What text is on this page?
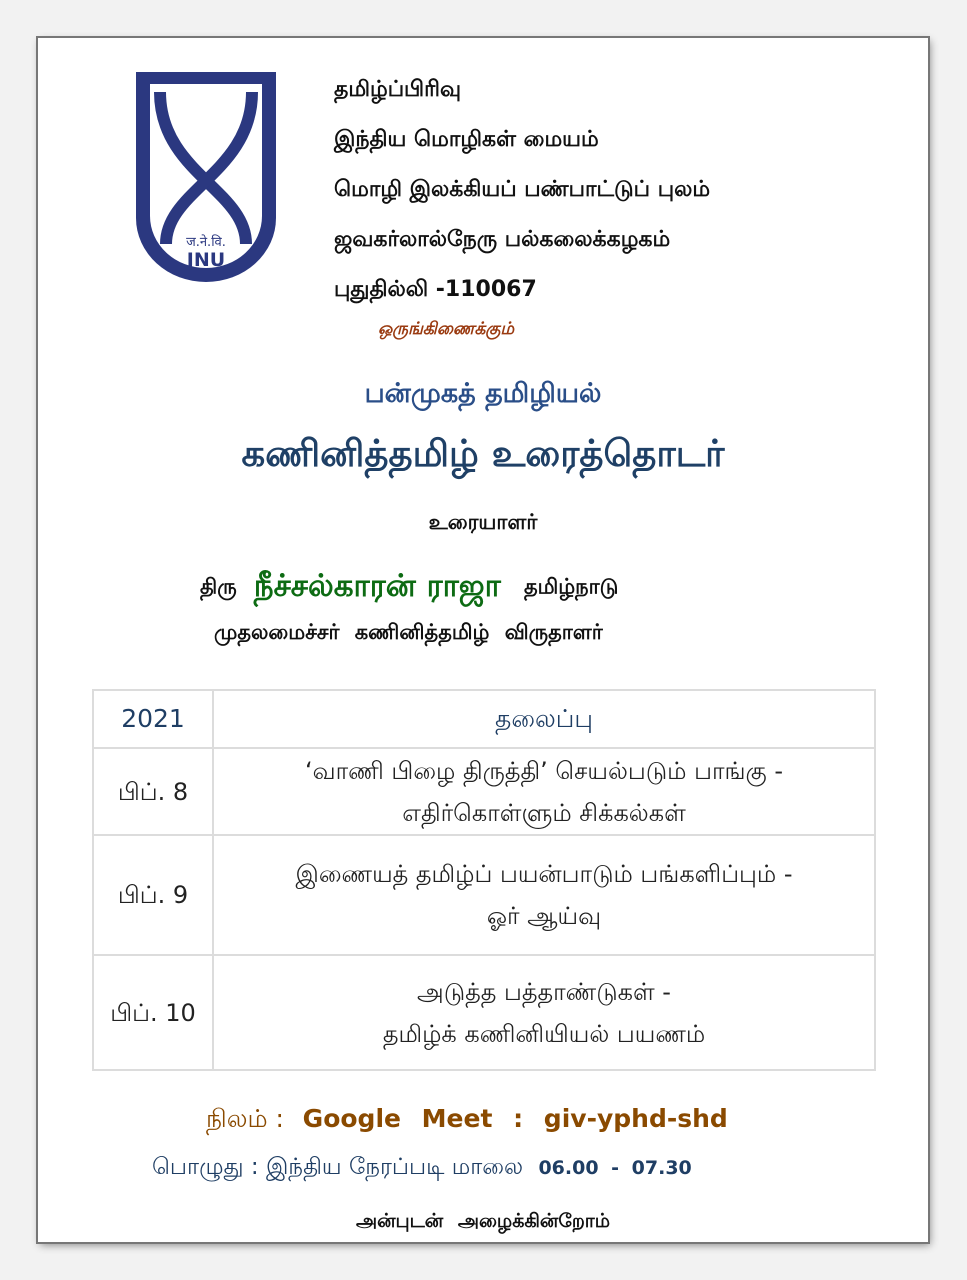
ज.ने.वि.
JNU
தமிழ்ப்பிரிவு
இந்திய மொழிகள் மையம்
மொழி இலக்கியப் பண்பாட்டுப் புலம்
ஜவகர்லால்நேரு பல்கலைக்கழகம்
புதுதில்லி -110067
ஒருங்கிணைக்கும்
பன்முகத் தமிழியல்
கணினித்தமிழ் உரைத்தொடர்
உரையாளர்
திரு நீச்சல்காரன் ராஜா தமிழ்நாடு
முதலமைச்சர் கணினித்தமிழ் விருதாளர்
2021	தலைப்பு
பிப். 8	‘வாணி பிழை திருத்தி’ செயல்படும் பாங்கு -
எதிர்கொள்ளும் சிக்கல்கள்

பிப். 9	இணையத் தமிழ்ப் பயன்பாடும் பங்களிப்பும் -
ஓர் ஆய்வு

பிப். 10	அடுத்த பத்தாண்டுகள் -
தமிழ்க் கணினியியல் பயணம்
நிலம் : Google Meet : giv-yphd-shd
பொழுது : இந்திய நேரப்படி மாலை 06.00 - 07.30
அன்புடன் அழைக்கின்றோம்
